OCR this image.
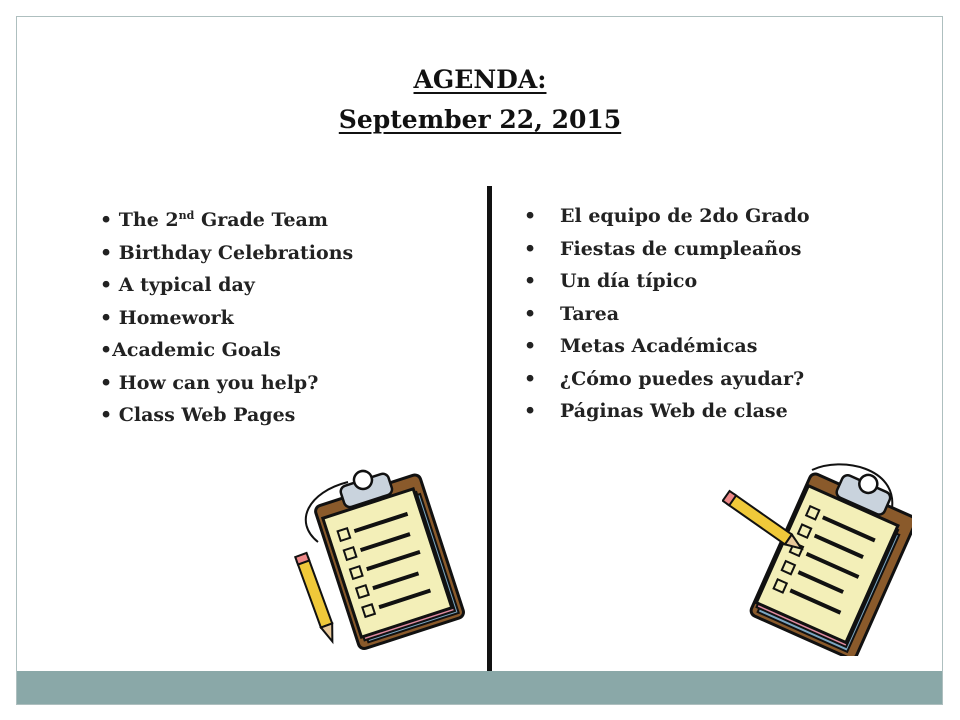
AGENDA:
September 22, 2015
• The 2nd Grade Team
• Birthday Celebrations
• A typical day
• Homework
•Academic Goals
• How can you help?
• Class Web Pages
• El equipo de 2do Grado
• Fiestas de cumpleaños
• Un día típico
• Tarea
• Metas Académicas
• ¿Cómo puedes ayudar?
• Páginas Web de clase
